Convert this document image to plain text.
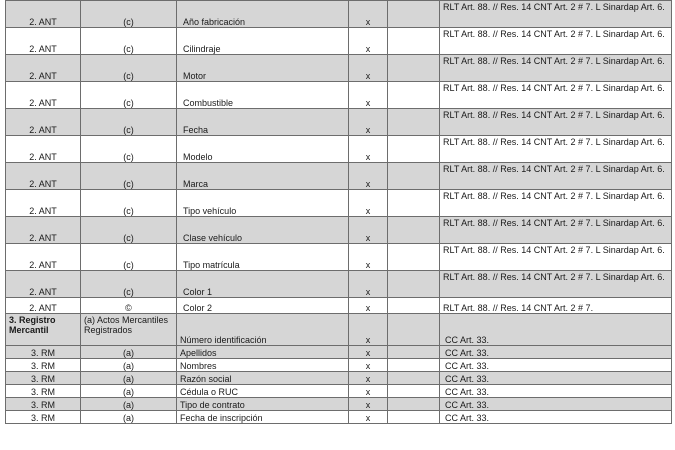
2. ANT	(c)	Año fabricación	x		RLT Art. 88. // Res. 14 CNT Art. 2 # 7. L Sinardap Art. 6.
2. ANT	(c)	Cilindraje	x		RLT Art. 88. // Res. 14 CNT Art. 2 # 7. L Sinardap Art. 6.
2. ANT	(c)	Motor	x		RLT Art. 88. // Res. 14 CNT Art. 2 # 7. L Sinardap Art. 6.
2. ANT	(c)	Combustible	x		RLT Art. 88. // Res. 14 CNT Art. 2 # 7. L Sinardap Art. 6.
2. ANT	(c)	Fecha	x		RLT Art. 88. // Res. 14 CNT Art. 2 # 7. L Sinardap Art. 6.
2. ANT	(c)	Modelo	x		RLT Art. 88. // Res. 14 CNT Art. 2 # 7. L Sinardap Art. 6.
2. ANT	(c)	Marca	x		RLT Art. 88. // Res. 14 CNT Art. 2 # 7. L Sinardap Art. 6.
2. ANT	(c)	Tipo vehículo	x		RLT Art. 88. // Res. 14 CNT Art. 2 # 7. L Sinardap Art. 6.
2. ANT	(c)	Clase vehículo	x		RLT Art. 88. // Res. 14 CNT Art. 2 # 7. L Sinardap Art. 6.
2. ANT	(c)	Tipo matrícula	x		RLT Art. 88. // Res. 14 CNT Art. 2 # 7. L Sinardap Art. 6.
2. ANT	(c)	Color 1	x		RLT Art. 88. // Res. 14 CNT Art. 2 # 7. L Sinardap Art. 6.
2. ANT	©	Color 2	x		RLT Art. 88. // Res. 14 CNT Art. 2 # 7.
3. Registro Mercantil	(a) Actos Mercantiles Registrados	Número identificación	x		CC Art. 33.
3. RM	(a)	Apellidos	x		CC Art. 33.
3. RM	(a)	Nombres	x		CC Art. 33.
3. RM	(a)	Razón social	x		CC Art. 33.
3. RM	(a)	Cédula o RUC	x		CC Art. 33.
3. RM	(a)	Tipo de contrato	x		CC Art. 33.
3. RM	(a)	Fecha de inscripción	x		CC Art. 33.
